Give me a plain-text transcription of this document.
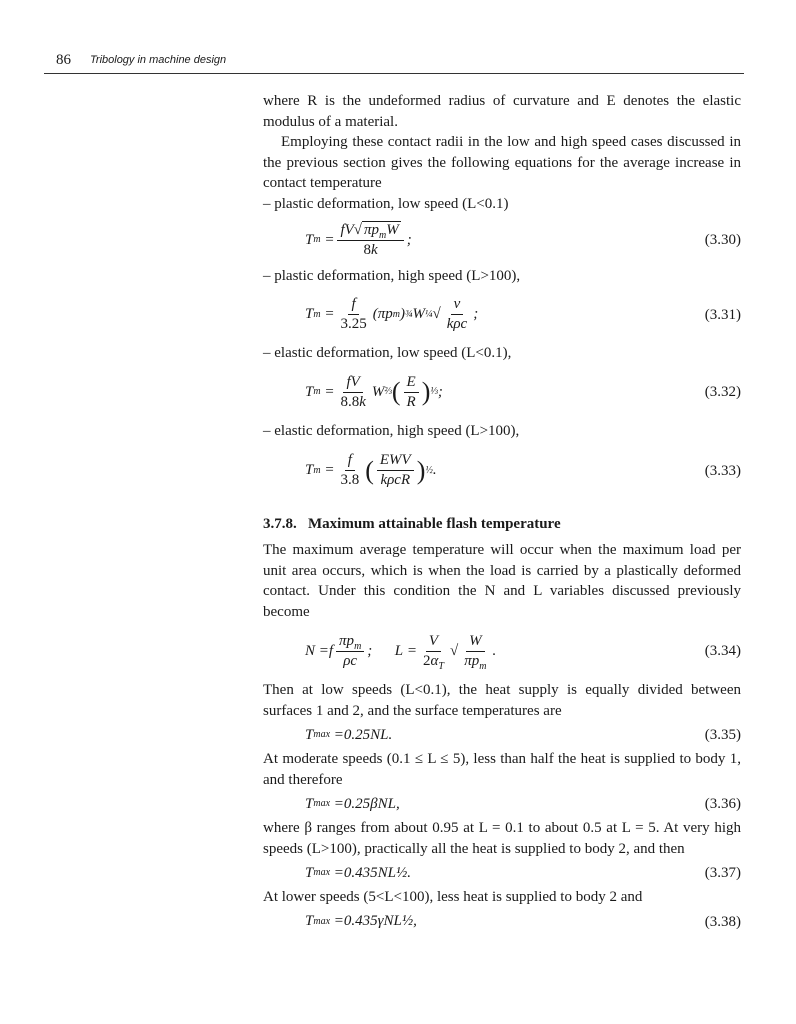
86 Tribology in machine design

where R is the undeformed radius of curvature and E denotes the elastic modulus of a material.

Employing these contact radii in the low and high speed cases discussed in the previous section gives the following equations for the average increase in contact temperature

– plastic deformation, low speed (L<0.1)

T $m = \frac{fV√ \pi p_mW}{8k}$ ;	(3.30)

– plastic deformation, high speed (L>100),

T $m = \frac{f}{3.25} (\pi p$ m ) ¾ W ¼ √ $\frac{v}{\text{kρc}}$ ;	(3.31)

– elastic deformation, low speed (L<0.1),

T $m = \frac{fV}{8.8k}$ W ⅔ ( $\frac{E}{R}$ ) ⅓ ;	(3.32)

– elastic deformation, high speed (L>100),

T $m = \frac{f}{3.8}$ ( $\frac{\text{EWV}}{\text{kρcR}}$ ) ½ .	(3.33)
3.7.8. Maximum attainable flash temperature

The maximum average temperature will occur when the maximum load per unit area occurs, which is when the load is carried by a plastically deformed contact. Under this condition the N and L variables discussed previously become

$N =f \frac{\pi p_m}{\rho c}$ ;      $L = \frac{V}{2\alpha_T}$ √ $\frac{W}{\pi p_m}$ .	(3.34)

Then at low speeds (L<0.1), the heat supply is equally divided between surfaces 1 and 2, and the surface temperatures are

T max
=0.25NL.	(3.35)

At moderate speeds (0.1 ≤ L ≤ 5), less than half the heat is supplied to body 1, and therefore

T max
=0.25βNL,	(3.36)

where β ranges from about 0.95 at L = 0.1 to about 0.5 at L = 5. At very high speeds (L>100), practically all the heat is supplied to body 2, and then

T max
=0.435NL½.	(3.37)

At lower speeds (5<L<100), less heat is supplied to body 2 and

T max
=0.435γNL½,	(3.38)
